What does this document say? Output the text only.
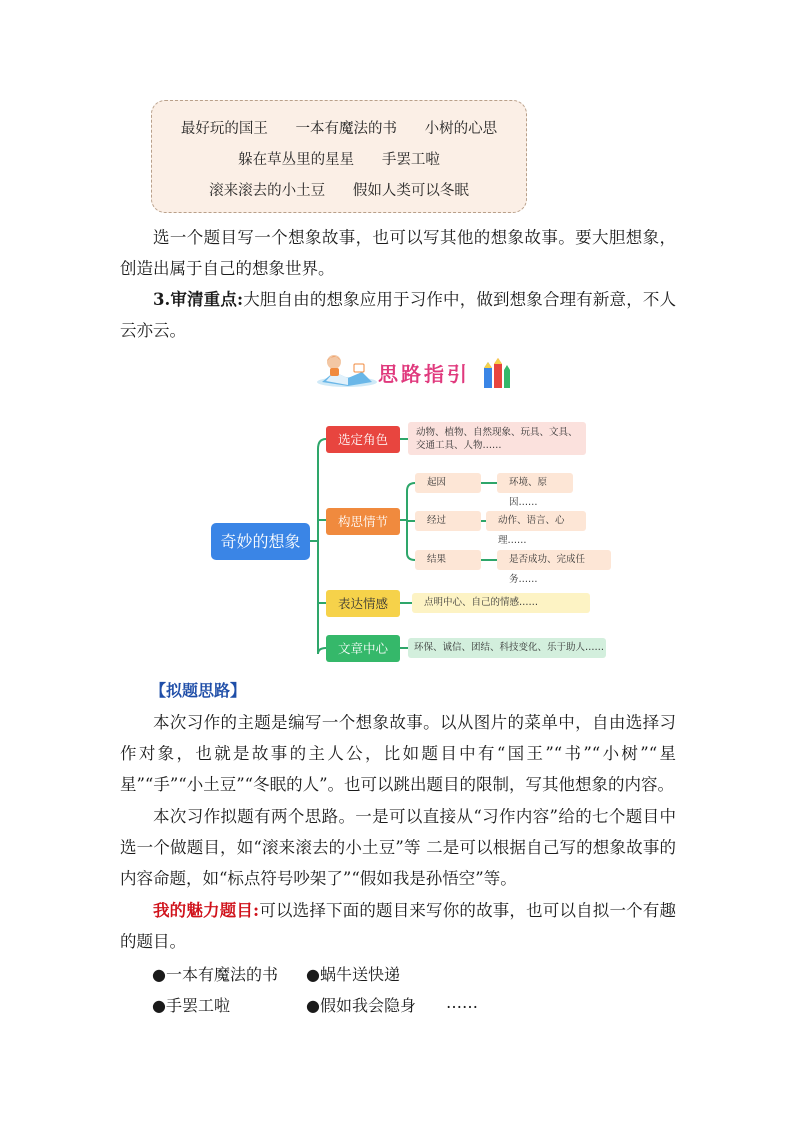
最好玩的国王 一本有魔法的书 小树的心思
躲在草丛里的星星 手罢工啦
滚来滚去的小土豆 假如人类可以冬眠

选一个题目写一个想象故事，也可以写其他的想象故事。要大胆想象，创造出属于自己的想象世界。

3.审清重点:大胆自由的想象应用于习作中，做到想象合理有新意，不人云亦云。

思路指引
奇妙的想象
选定角色	动物、植物、自然现象、玩具、文具、
交通工具、人物……
构思情节
起因	环境、原因……
经过	动作、语言、心理……
结果	是否成功、完成任务……
表达情感	点明中心、自己的情感……
文章中心	环保、诚信、团结、科技变化、乐于助人……
【拟题思路】

本次习作的主题是编写一个想象故事。以从图片的菜单中，自由选择习作对象，也就是故事的主人公，比如题目中有“国王”“书”“小树”“星星”“手”“小土豆”“冬眠的人”。也可以跳出题目的限制，写其他想象的内容。

本次习作拟题有两个思路。一是可以直接从“习作内容”给的七个题目中选一个做题目，如“滚来滚去的小土豆”等 二是可以根据自己写的想象故事的内容命题，如“标点符号吵架了”“假如我是孙悟空”等。

我的魅力题目:可以选择下面的题目来写你的故事，也可以自拟一个有趣的题目。

●一本有魔法的书 ●蜗牛送快递
●手罢工啦	●假如我会隐身 ……
